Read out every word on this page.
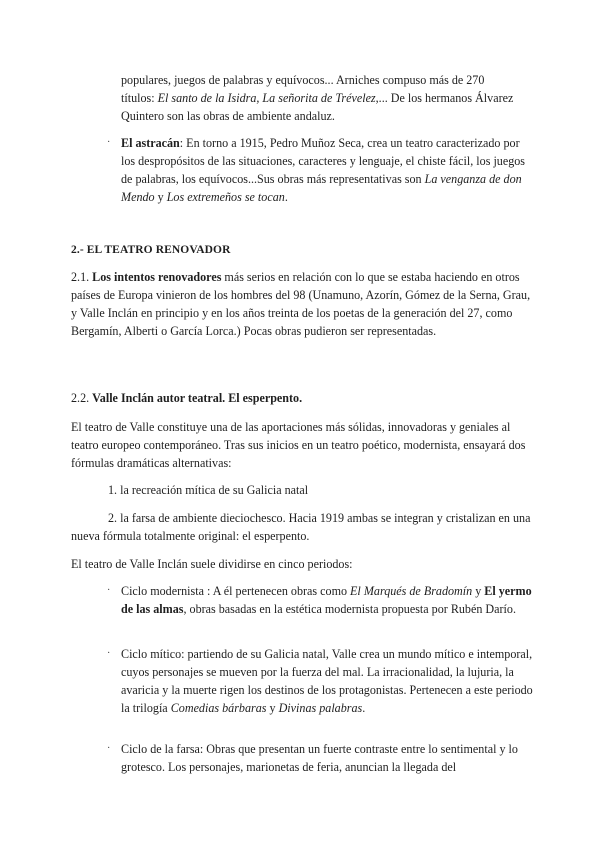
populares, juegos de palabras y equívocos... Arniches compuso más de 270
títulos: El santo de la Isidra, La señorita de Trévelez,... De los hermanos Álvarez
Quintero son las obras de ambiente andaluz.
· El astracán: En torno a 1915, Pedro Muñoz Seca, crea un teatro caracterizado por los despropósitos de las situaciones, caracteres y lenguaje, el chiste fácil, los juegos de palabras, los equívocos...Sus obras más representativas son La venganza de don Mendo y Los extremeños se tocan.
2.- EL TEATRO RENOVADOR
2.1. Los intentos renovadores más serios en relación con lo que se estaba haciendo en otros países de Europa vinieron de los hombres del 98 (Unamuno, Azorín, Gómez de la Serna, Grau, y Valle Inclán en principio y en los años treinta de los poetas de la generación del 27, como Bergamín, Alberti o García Lorca.) Pocas obras pudieron ser representadas.
2.2. Valle Inclán autor teatral. El esperpento.
El teatro de Valle constituye una de las aportaciones más sólidas, innovadoras y geniales al teatro europeo contemporáneo. Tras sus inicios en un teatro poético, modernista, ensayará dos fórmulas dramáticas alternativas:
1. la recreación mítica de su Galicia natal
2. la farsa de ambiente dieciochesco. Hacia 1919 ambas se integran y cristalizan en una nueva fórmula totalmente original: el esperpento.
El teatro de Valle Inclán suele dividirse en cinco periodos:
· Ciclo modernista : A él pertenecen obras como El Marqués de Bradomín y El yermo de las almas, obras basadas en la estética modernista propuesta por Rubén Darío.
· Ciclo mítico: partiendo de su Galicia natal, Valle crea un mundo mítico e intemporal, cuyos personajes se mueven por la fuerza del mal. La irracionalidad, la lujuria, la avaricia y la muerte rigen los destinos de los protagonistas. Pertenecen a este periodo la trilogía Comedias bárbaras y Divinas palabras.
· Ciclo de la farsa: Obras que presentan un fuerte contraste entre lo sentimental y lo grotesco. Los personajes, marionetas de feria, anuncian la llegada del
